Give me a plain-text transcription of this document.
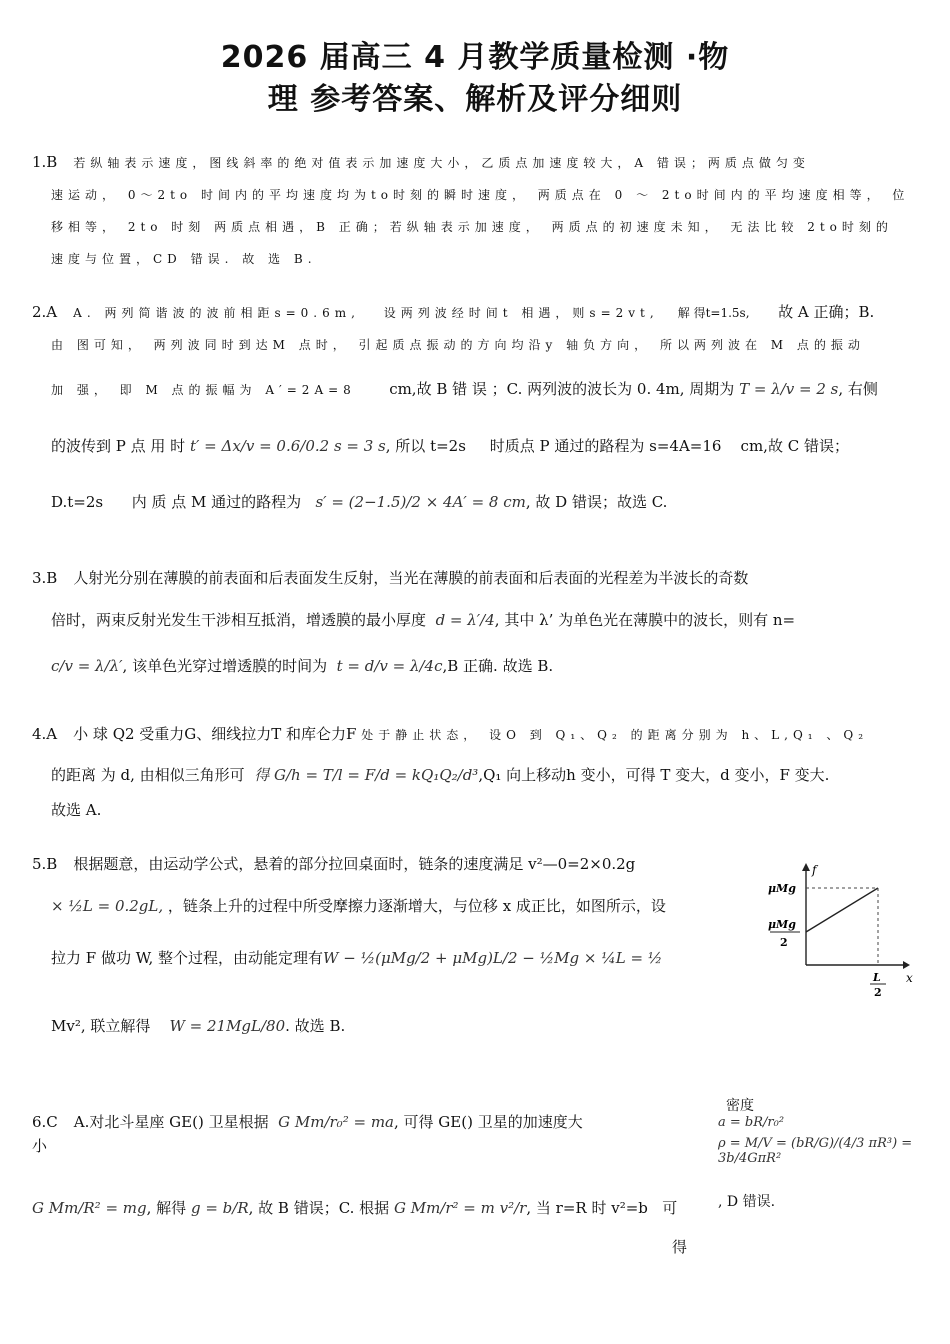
2026 届高三 4 月教学质量检测 ·物
理 参考答案、解析及评分细则
1.B 若纵轴表示速度，图线斜率的绝对值表示加速度大小，乙质点加速度较大，A 错误；两质点做匀变
速运动， 0～2to 时间内的平均速度均为to时刻的瞬时速度， 两质点在 0 ～ 2to时间内的平均速度相等， 位
移相等， 2to 时刻 两质点相遇，B 正确；若纵轴表示加速度， 两质点的初速度未知， 无法比较 2to时刻的
速度与位置，CD 错误. 故 选 B.
2.A A. 两列简谐波的波前相距s=0.6m, 设两列波经时间t 相遇，则s=2vt, 解 得t=1.5s, 故 A 正确；B.
由 图可知， 两列波同时到达M 点时， 引起质点振动的方向均沿y 轴负方向， 所以两列波在 M 点的振动
加 强， 即 M 点的振幅为 A′=2A=8 cm,故 B 错 误 ；C. 两列波的波长为 0. 4m, 周期为 T = λ/v = 2 s, 右侧
的波传到 P 点 用 时 t′ = Δx/v = 0.6/0.2 s = 3 s, 所以 t=2s 时质点 P 通过的路程为 s=4A=16 cm,故 C 错误；
D.t=2s 内 质 点 M 通过的路程为 s′ = (2−1.5)/2 × 4A′ = 8 cm, 故 D 错误；故选 C.
3.B 人射光分别在薄膜的前表面和后表面发生反射，当光在薄膜的前表面和后表面的光程差为半波长的奇数
倍时，两束反射光发生干涉相互抵消，增透膜的最小厚度 d = λ′/4, 其中 λ’ 为单色光在薄膜中的波长，则有 n=
c/v = λ/λ′, 该单色光穿过增透膜的时间为 t = d/v = λ/4c,B 正确. 故选 B.
4.A 小 球 Q2 受重力G、细线拉力T 和库仑力F 处于静止状态， 设O 到 Q₁、Q₂ 的距离分别为 h、L,Q₁ 、Q₂
的距离 为 d, 由相似三角形可 得 G/h = T/l = F/d = kQ₁Q₂/d³,Q₁ 向上移动h 变小，可得 T 变大，d 变小，F 变大.
故选 A.
5.B 根据题意，由运动学公式，悬着的部分拉回桌面时，链条的速度满足 v²—0=2×0.2g
× ½L = 0.2gL, ，链条上升的过程中所受摩擦力逐渐增大，与位移 x 成正比，如图所示，设
拉力 F 做功 W, 整个过程，由动能定理有W − ½(μMg/2 + μMg)L/2 − ½Mg × ¼L = ½
Mv², 联立解得 W = 21MgL/80. 故选 B.
f
x
μMg
μMg
2
L
2
6.C A.对北斗星座 GE() 卫星根据 G Mm/r₀² = ma, 可得 GE() 卫星的加速度大
小
G Mm/R² = mg, 解得 g = b/R, 故 B 错误；C. 根据 G Mm/r² = m v²/r, 当 r=R 时 v²=b 可
得
密度
a = bR/r₀²
ρ = M/V = (bR/G)/(4/3 πR³) = 3b/4GπR²
, D 错误.
